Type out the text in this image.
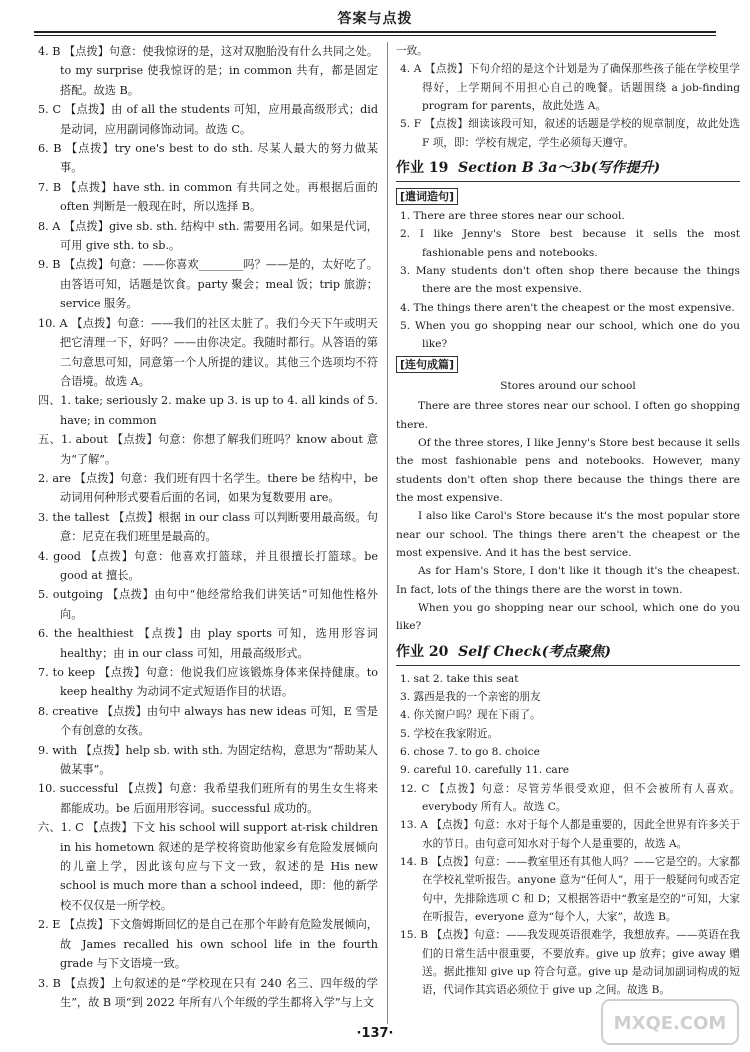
答案与点拨

4. B 【点拨】句意：使我惊讶的是，这对双胞胎没有什么共同之处。to my surprise 使我惊讶的是；in common 共有，都是固定搭配。故选 B。

5. C 【点拨】由 of all the students 可知，应用最高级形式；did 是动词，应用副词修饰动词。故选 C。

6. B 【点拨】try one's best to do sth. 尽某人最大的努力做某事。

7. B 【点拨】have sth. in common 有共同之处。再根据后面的 often 判断是一般现在时，所以选择 B。

8. A 【点拨】give sb. sth. 结构中 sth. 需要用名词。如果是代词，可用 give sth. to sb.。

9. B 【点拨】句意：——你喜欢________吗？——是的，太好吃了。由答语可知，话题是饮食。party 聚会；meal 饭；trip 旅游；service 服务。

10. A 【点拨】句意：——我们的社区太脏了。我们今天下午或明天把它清理一下，好吗？——由你决定。我随时都行。从答语的第二句意思可知，同意第一个人所提的建议。其他三个选项均不符合语境。故选 A。

四、1. take; seriously 2. make up 3. is up to 4. all kinds of 5. have; in common

五、1. about 【点拨】句意：你想了解我们班吗？know about 意为“了解”。

2. are 【点拨】句意：我们班有四十名学生。there be 结构中，be 动词用何种形式要看后面的名词，如果为复数要用 are。

3. the tallest 【点拨】根据 in our class 可以判断要用最高级。句意：尼克在我们班里是最高的。

4. good 【点拨】句意：他喜欢打篮球，并且很擅长打篮球。be good at 擅长。

5. outgoing 【点拨】由句中“他经常给我们讲笑话”可知他性格外向。

6. the healthiest 【点拨】由 play sports 可知，选用形容词 healthy；由 in our class 可知，用最高级形式。

7. to keep 【点拨】句意：他说我们应该锻炼身体来保持健康。to keep healthy 为动词不定式短语作目的状语。

8. creative 【点拨】由句中 always has new ideas 可知，E 雪是个有创意的女孩。

9. with 【点拨】help sb. with sth. 为固定结构，意思为“帮助某人做某事”。

10. successful 【点拨】句意：我希望我们班所有的男生女生将来都能成功。be 后面用形容词。successful 成功的。

六、1. C 【点拨】下文 his school will support at-risk children in his hometown 叙述的是学校将资助他家乡有危险发展倾向的儿童上学，因此该句应与下文一致，叙述的是 His new school is much more than a school indeed，即：他的新学校不仅仅是一所学校。

2. E 【点拨】下文詹姆斯回忆的是自己在那个年龄有危险发展倾向，故 James recalled his own school life in the fourth grade 与下文语境一致。

3. B 【点拨】上句叙述的是“学校现在只有 240 名三、四年级的学生”，故 B 项“到 2022 年所有八个年级的学生都将入学”与上文

一致。

4. A 【点拨】下句介绍的是这个计划是为了确保那些孩子能在学校里学得好，上学期间不用担心自己的晚餐。话题围绕 a job-finding program for parents，故此处选 A。

5. F 【点拨】细读该段可知，叙述的话题是学校的规章制度，故此处选 F 项，即：学校有规定，学生必须每天遵守。

作业 19 Section B 3a～3b(写作提升)
[遣词造句]

1. There are three stores near our school.

2. I like Jenny's Store best because it sells the most fashionable pens and notebooks.

3. Many students don't often shop there because the things there are the most expensive.

4. The things there aren't the cheapest or the most expensive.

5. When you go shopping near our school, which one do you like?

[连句成篇]

Stores around our school

There are three stores near our school. I often go shopping there.

Of the three stores, I like Jenny's Store best because it sells the most fashionable pens and notebooks. However, many students don't often shop there because the things there are the most expensive.

I also like Carol's Store because it's the most popular store near our school. The things there aren't the cheapest or the most expensive. And it has the best service.

As for Ham's Store, I don't like it though it's the cheapest. In fact, lots of the things there are the worst in town.

When you go shopping near our school, which one do you like?

作业 20 Self Check(考点聚焦)

1. sat 2. take this seat

3. 露西是我的一个亲密的朋友

4. 你关窗户吗？现在下雨了。

5. 学校在我家附近。

6. chose 7. to go 8. choice

9. careful 10. carefully 11. care

12. C 【点拨】句意：尽管芳华很受欢迎，但不会被所有人喜欢。everybody 所有人。故选 C。

13. A 【点拨】句意：水对于每个人都是重要的，因此全世界有许多关于水的节日。由句意可知水对于每个人是重要的，故选 A。

14. B 【点拨】句意：——教室里还有其他人吗？——它是空的。大家都在学校礼堂听报告。anyone 意为“任何人”，用于一般疑问句或否定句中，先排除选项 C 和 D；又根据答语中“教室是空的”可知，大家在听报告，everyone 意为“每个人，大家”，故选 B。

15. B 【点拨】句意：——我发现英语很难学，我想放弃。——英语在我们的日常生活中很重要，不要放弃。give up 放弃；give away 赠送。据此推知 give up 符合句意。give up 是动词加副词构成的短语，代词作其宾语必须位于 give up 之间。故选 B。

·137·	MXQE.COM
